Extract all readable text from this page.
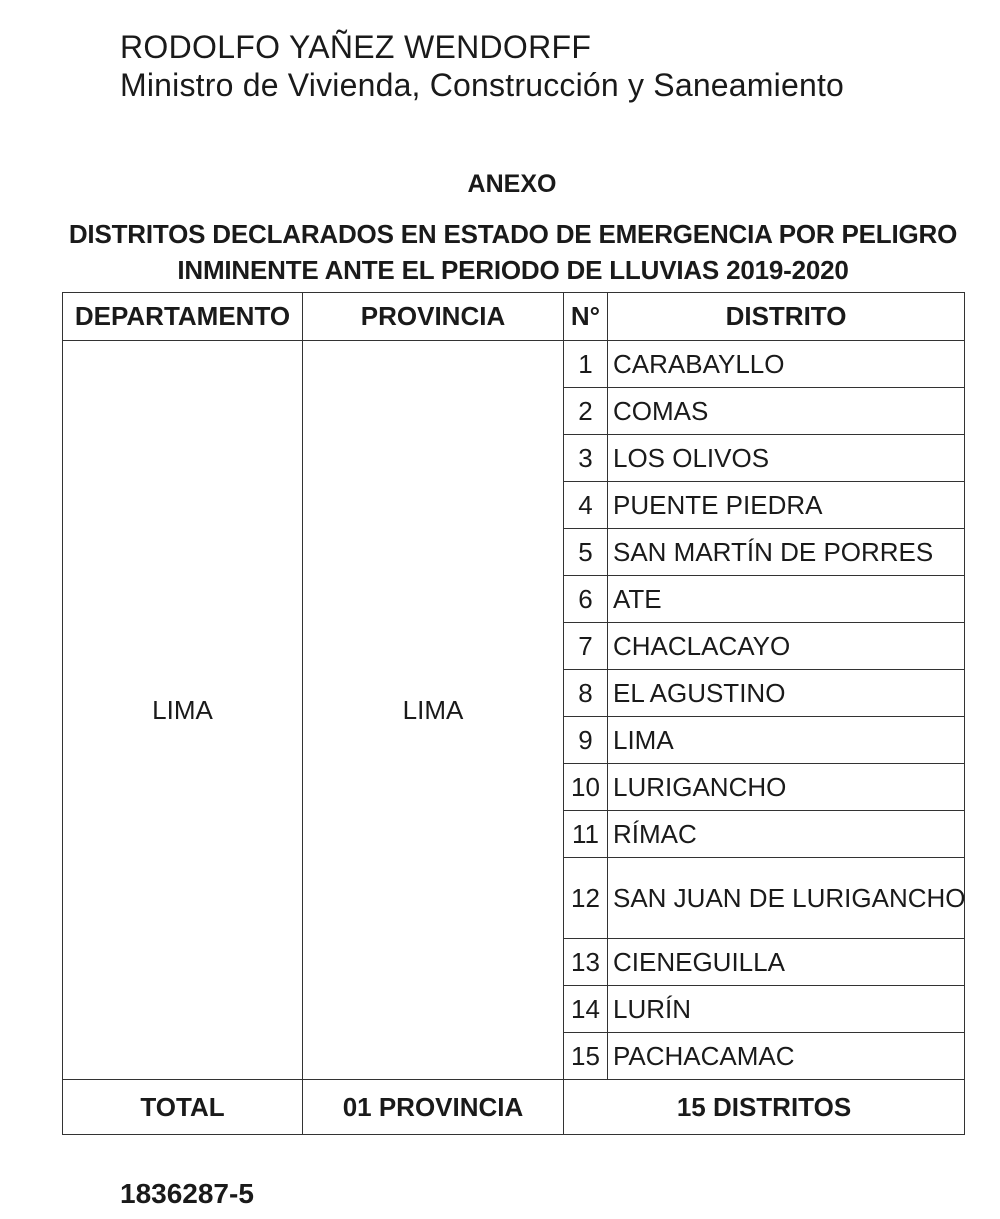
RODOLFO YAÑEZ WENDORFF
Ministro de Vivienda, Construcción y Saneamiento
ANEXO
DISTRITOS DECLARADOS EN ESTADO DE EMERGENCIA POR PELIGRO
INMINENTE ANTE EL PERIODO DE LLUVIAS 2019-2020
DEPARTAMENTO	PROVINCIA	N°	DISTRITO
LIMA	LIMA	1	CARABAYLLO
		2	COMAS
		3	LOS OLIVOS
		4	PUENTE PIEDRA
		5	SAN MARTÍN DE PORRES
		6	ATE
		7	CHACLACAYO
		8	EL AGUSTINO
		9	LIMA
		10	LURIGANCHO
		11	RÍMAC
		12	SAN JUAN DE LURIGANCHO
		13	CIENEGUILLA
		14	LURÍN
		15	PACHACAMAC
TOTAL	01 PROVINCIA	15 DISTRITOS	
1836287-5
